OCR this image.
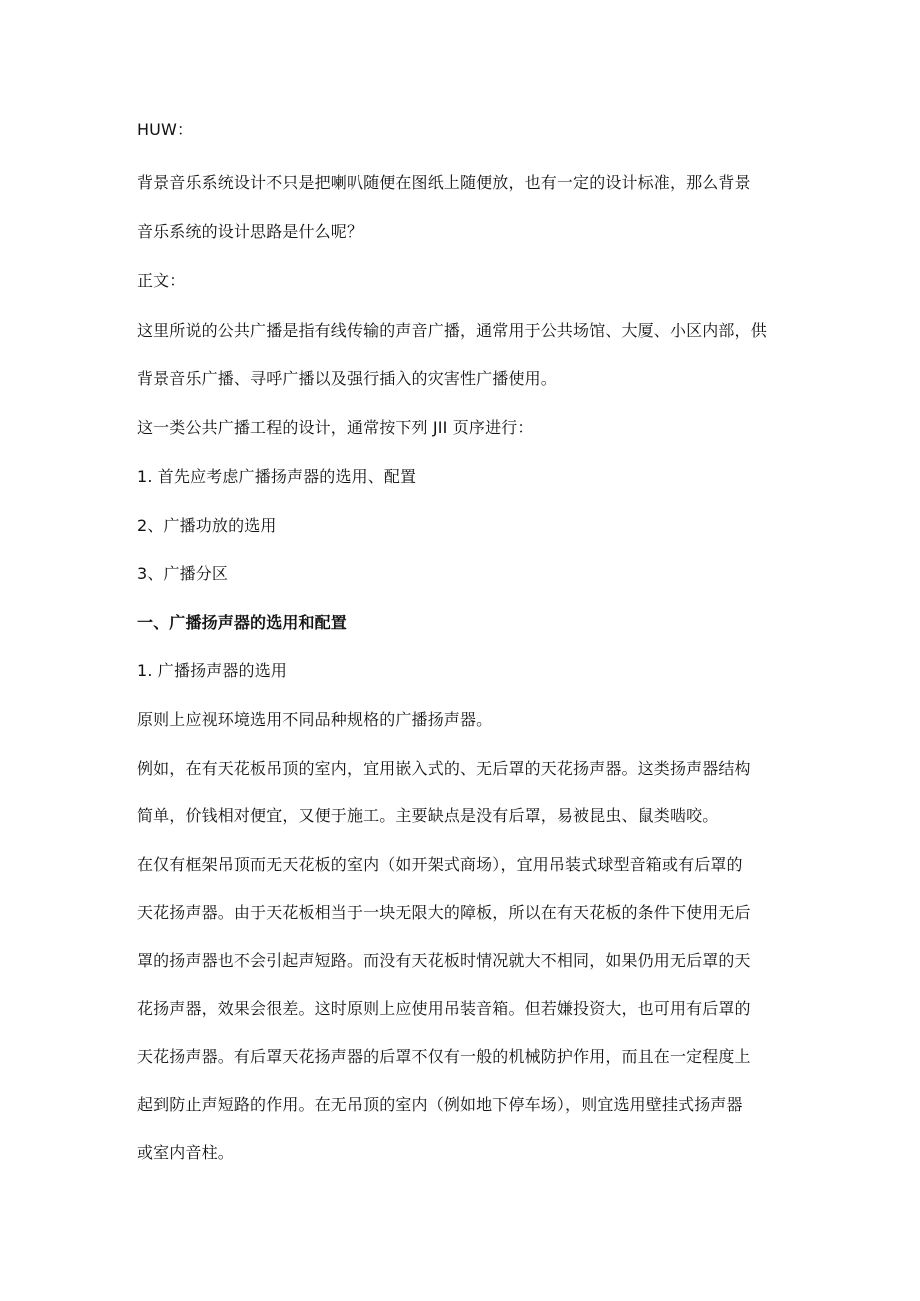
HUW：
背景音乐系统设计不只是把喇叭随便在图纸上随便放，也有一定的设计标准，那么背景
音乐系统的设计思路是什么呢？
正文：
这里所说的公共广播是指有线传输的声音广播，通常用于公共场馆、大厦、小区内部，供
背景音乐广播、寻呼广播以及强行插入的灾害性广播使用。
这一类公共广播工程的设计，通常按下列 JII 页序进行：
1. 首先应考虑广播扬声器的选用、配置
2、广播功放的选用
3、广播分区
一、广播扬声器的选用和配置
1. 广播扬声器的选用
原则上应视环境选用不同品种规格的广播扬声器。
例如，在有天花板吊顶的室内，宜用嵌入式的、无后罩的天花扬声器。这类扬声器结构
简单，价钱相对便宜，又便于施工。主要缺点是没有后罩，易被昆虫、鼠类啮咬。
在仅有框架吊顶而无天花板的室内（如开架式商场），宜用吊装式球型音箱或有后罩的
天花扬声器。由于天花板相当于一块无限大的障板，所以在有天花板的条件下使用无后
罩的扬声器也不会引起声短路。而没有天花板时情况就大不相同，如果仍用无后罩的天
花扬声器，效果会很差。这时原则上应使用吊装音箱。但若嫌投资大，也可用有后罩的
天花扬声器。有后罩天花扬声器的后罩不仅有一般的机械防护作用，而且在一定程度上
起到防止声短路的作用。在无吊顶的室内（例如地下停车场），则宜选用壁挂式扬声器
或室内音柱。
